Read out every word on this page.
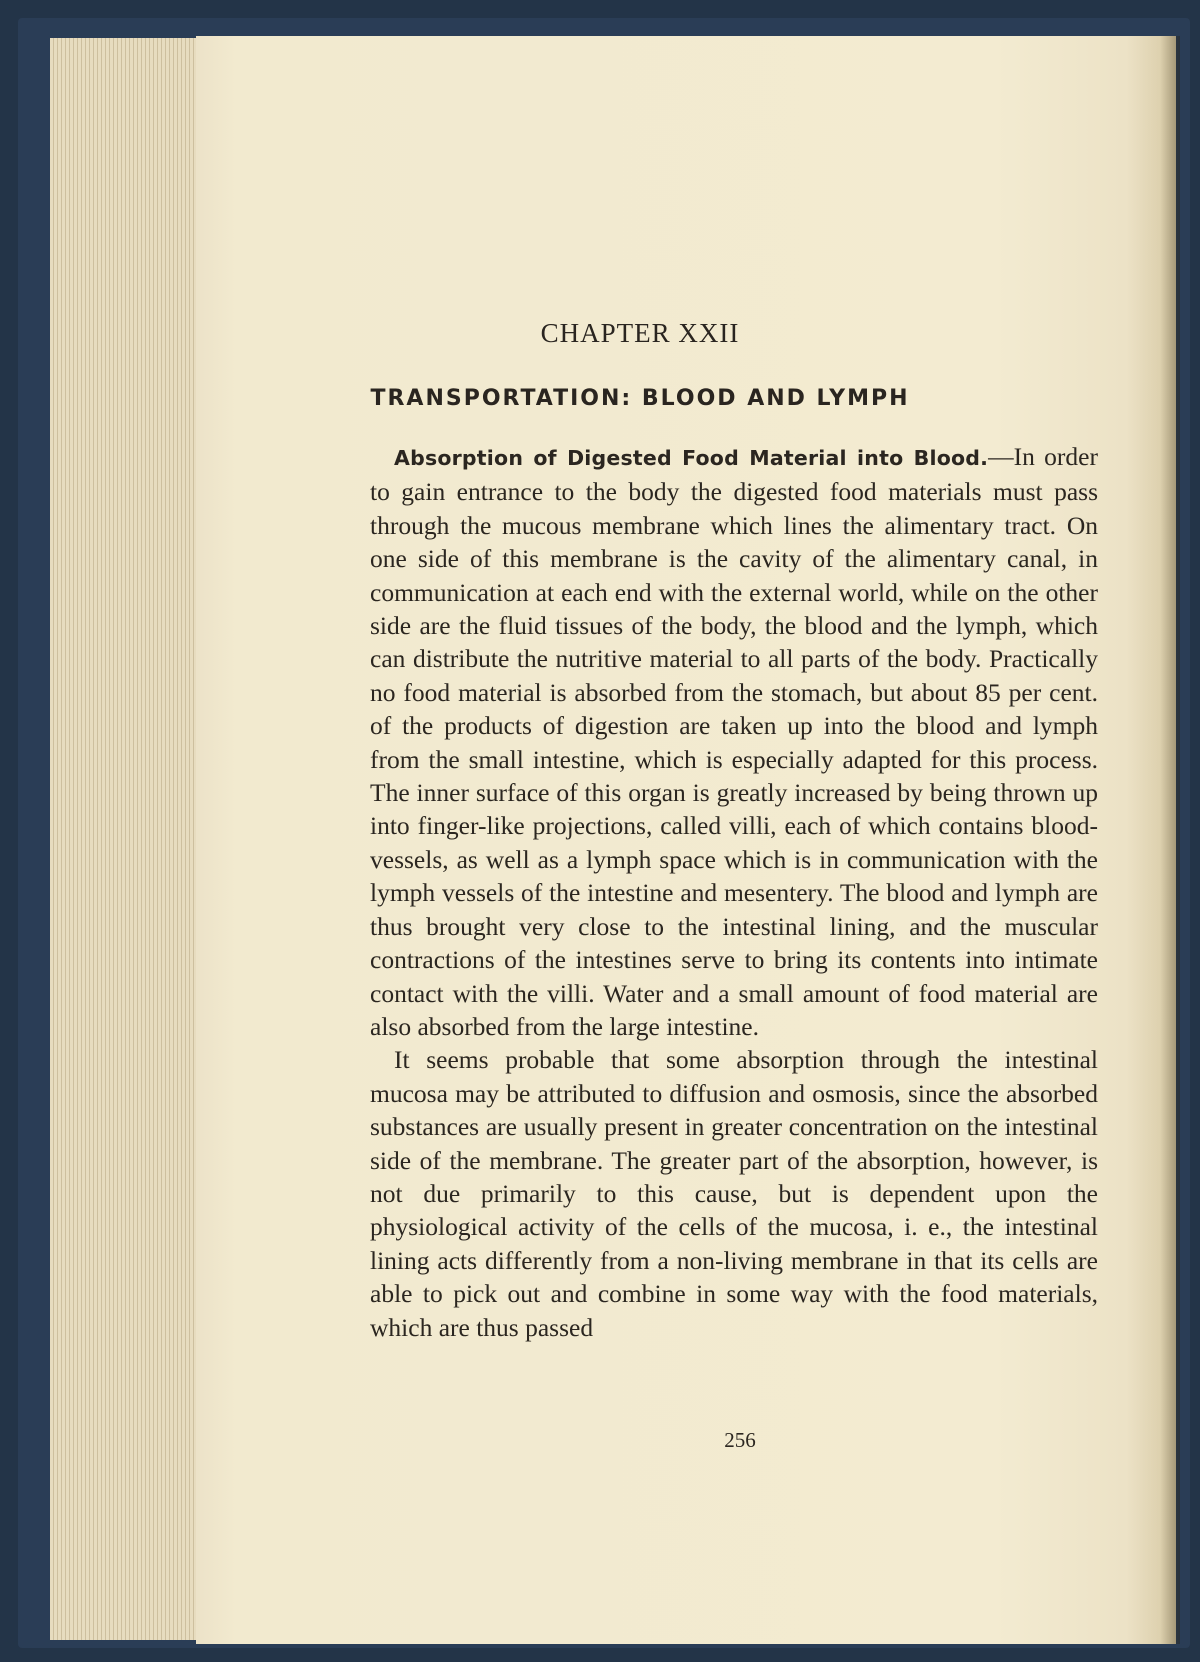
CHAPTER XXII
TRANSPORTATION: BLOOD AND LYMPH

Absorption of Digested Food Material into Blood.—In order to gain entrance to the body the digested food materials must pass through the mucous membrane which lines the alimentary tract. On one side of this membrane is the cavity of the alimentary canal, in communication at each end with the external world, while on the other side are the fluid tissues of the body, the blood and the lymph, which can distribute the nutritive material to all parts of the body. Practically no food material is absorbed from the stomach, but about 85 per cent. of the products of digestion are taken up into the blood and lymph from the small intestine, which is especially adapted for this process. The inner surface of this organ is greatly increased by being thrown up into finger-like projections, called villi, each of which contains blood-vessels, as well as a lymph space which is in communication with the lymph vessels of the intestine and mesentery. The blood and lymph are thus brought very close to the intestinal lining, and the muscular contractions of the intestines serve to bring its contents into intimate contact with the villi. Water and a small amount of food material are also absorbed from the large intestine.

It seems probable that some absorption through the intestinal mucosa may be attributed to diffusion and osmosis, since the absorbed substances are usually present in greater concentration on the intestinal side of the membrane. The greater part of the absorption, however, is not due primarily to this cause, but is dependent upon the physiological activity of the cells of the mucosa, i. e., the intestinal lining acts differently from a non-living membrane in that its cells are able to pick out and combine in some way with the food materials, which are thus passed

256
